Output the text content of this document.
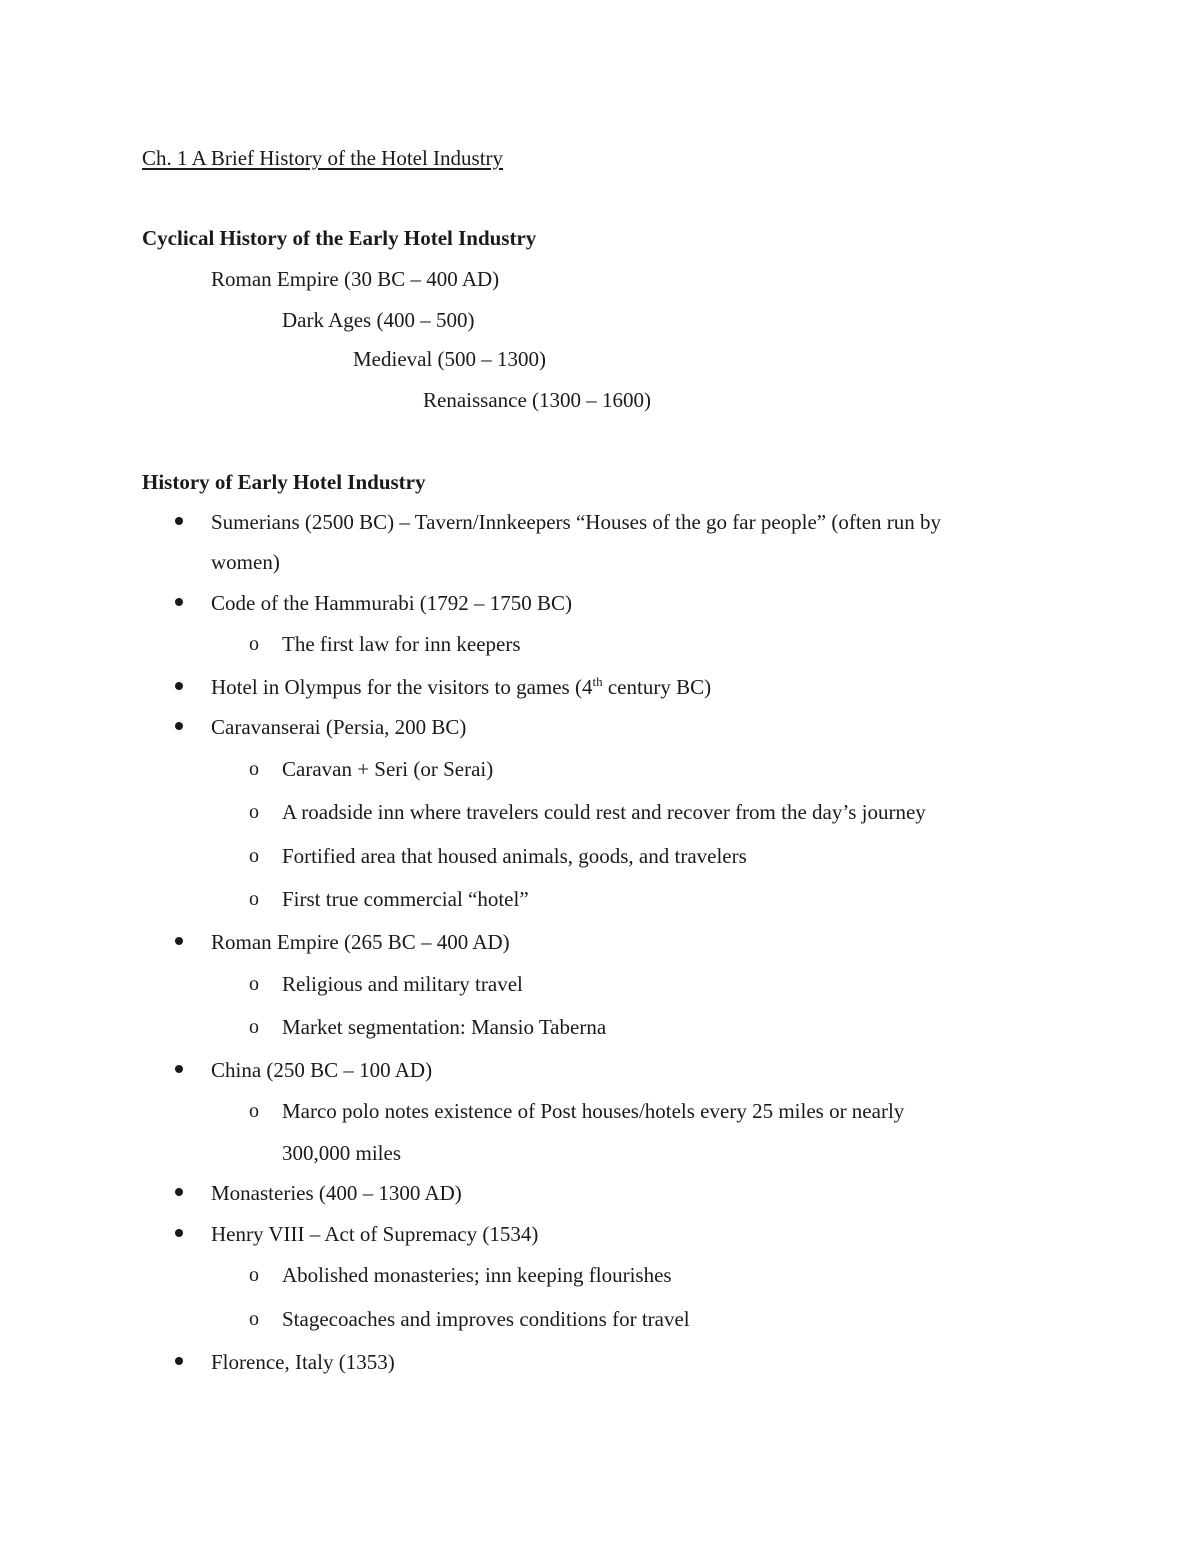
Ch. 1 A Brief History of the Hotel Industry
Cyclical History of the Early Hotel Industry
Roman Empire (30 BC – 400 AD)
Dark Ages (400 – 500)
Medieval (500 – 1300)
Renaissance (1300 – 1600)
History of Early Hotel Industry
Sumerians (2500 BC) – Tavern/Innkeepers “Houses of the go far people” (often run by
women)
Code of the Hammurabi (1792 – 1750 BC)
o The first law for inn keepers
Hotel in Olympus for the visitors to games (4th century BC)
Caravanserai (Persia, 200 BC)
o Caravan + Seri (or Serai)
o A roadside inn where travelers could rest and recover from the day’s journey
o Fortified area that housed animals, goods, and travelers
o First true commercial “hotel”
Roman Empire (265 BC – 400 AD)
o Religious and military travel
o Market segmentation: Mansio Taberna
China (250 BC – 100 AD)
o Marco polo notes existence of Post houses/hotels every 25 miles or nearly
300,000 miles
Monasteries (400 – 1300 AD)
Henry VIII – Act of Supremacy (1534)
o Abolished monasteries; inn keeping flourishes
o Stagecoaches and improves conditions for travel
Florence, Italy (1353)
